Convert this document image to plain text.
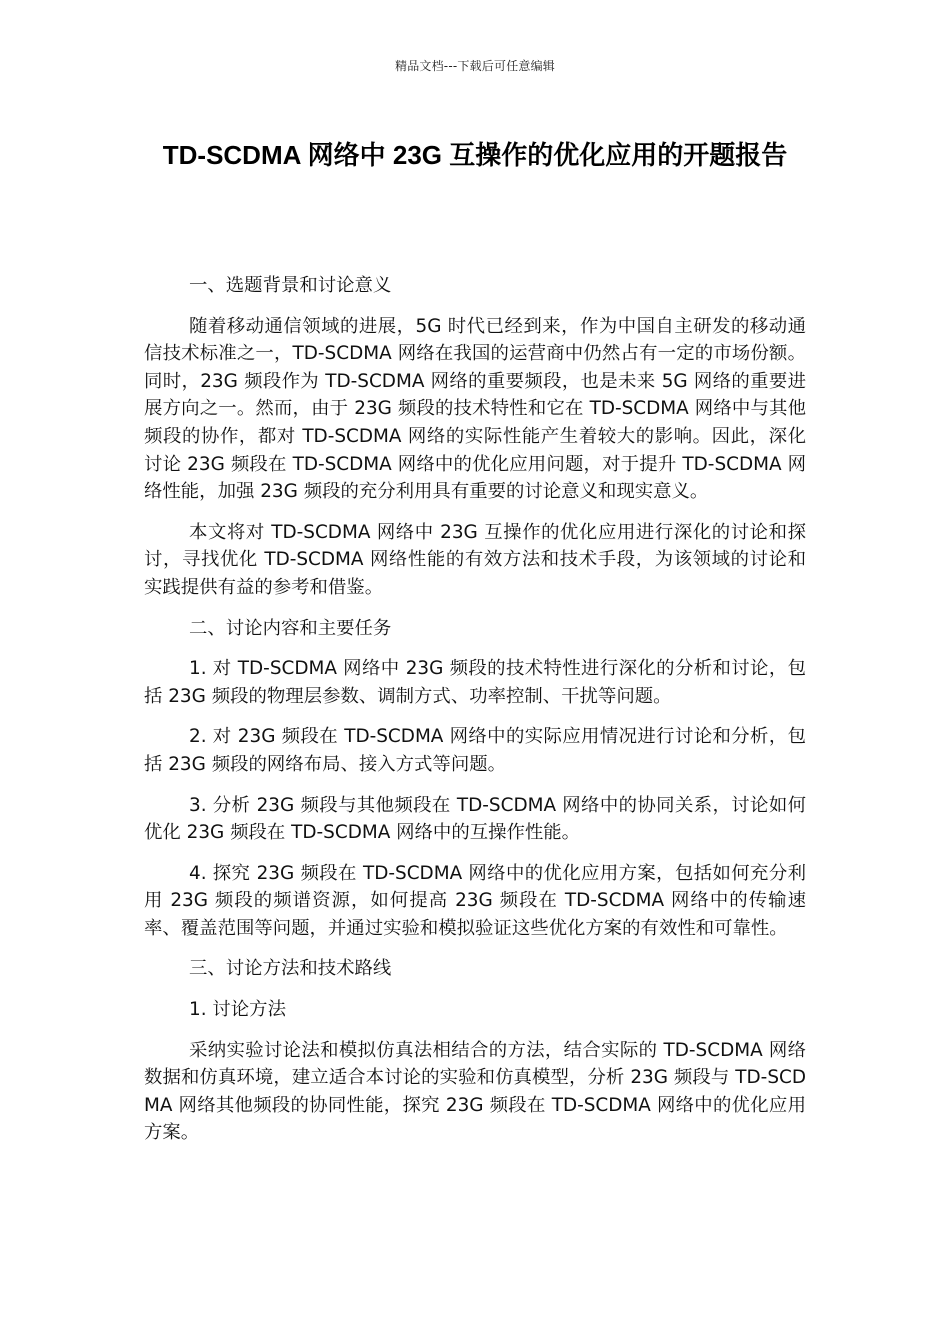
精品文档---下载后可任意编辑
TD-SCDMA 网络中 23G 互操作的优化应用的开题报告

一、选题背景和讨论意义

随着移动通信领域的进展，5G 时代已经到来，作为中国自主研发的移动通信技术标准之一，TD-SCDMA 网络在我国的运营商中仍然占有一定的市场份额。同时，23G 频段作为 TD-SCDMA 网络的重要频段，也是未来 5G 网络的重要进展方向之一。然而，由于 23G 频段的技术特性和它在 TD-SCDMA 网络中与其他频段的协作，都对 TD-SCDMA 网络的实际性能产生着较大的影响。因此，深化讨论 23G 频段在 TD-SCDMA 网络中的优化应用问题，对于提升 TD-SCDMA 网络性能，加强 23G 频段的充分利用具有重要的讨论意义和现实意义。

本文将对 TD-SCDMA 网络中 23G 互操作的优化应用进行深化的讨论和探讨，寻找优化 TD-SCDMA 网络性能的有效方法和技术手段，为该领域的讨论和实践提供有益的参考和借鉴。

二、讨论内容和主要任务

1. 对 TD-SCDMA 网络中 23G 频段的技术特性进行深化的分析和讨论，包括 23G 频段的物理层参数、调制方式、功率控制、干扰等问题。

2. 对 23G 频段在 TD-SCDMA 网络中的实际应用情况进行讨论和分析，包括 23G 频段的网络布局、接入方式等问题。

3. 分析 23G 频段与其他频段在 TD-SCDMA 网络中的协同关系，讨论如何优化 23G 频段在 TD-SCDMA 网络中的互操作性能。

4. 探究 23G 频段在 TD-SCDMA 网络中的优化应用方案，包括如何充分利用 23G 频段的频谱资源，如何提高 23G 频段在 TD-SCDMA 网络中的传输速率、覆盖范围等问题，并通过实验和模拟验证这些优化方案的有效性和可靠性。

三、讨论方法和技术路线

1. 讨论方法

采纳实验讨论法和模拟仿真法相结合的方法，结合实际的 TD-SCDMA 网络数据和仿真环境，建立适合本讨论的实验和仿真模型，分析 23G 频段与 TD-SCDMA 网络其他频段的协同性能，探究 23G 频段在 TD-SCDMA 网络中的优化应用方案。
